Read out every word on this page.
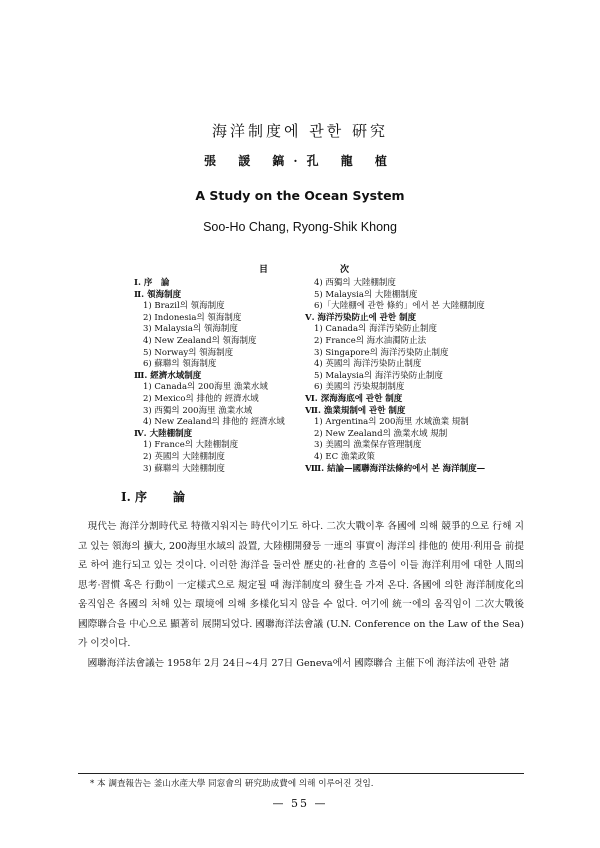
海洋制度에 관한 硏究
張 諼 鎬·孔 龍 植
A Study on the Ocean System
Soo-Ho Chang, Ryong-Shik Khong
目	次
Ⅰ. 序　論
Ⅱ. 領海制度
1) Brazil의 領海制度
2) Indonesia의 領海制度
3) Malaysia의 領海制度
4) New Zealand의 領海制度
5) Norway의 領海制度
6) 蘇聯의 領海制度
Ⅲ. 經濟水域制度
1) Canada의 200海里 漁業水域
2) Mexico의 排他的 經濟水域
3) 西獨의 200海里 漁業水域
4) New Zealand의 排他的 經濟水域
Ⅳ. 大陸棚制度
1) France의 大陸棚制度
2) 英國의 大陸棚制度
3) 蘇聯의 大陸棚制度
4) 西獨의 大陸棚制度
5) Malaysia의 大陸棚制度
6)「大陸棚에 관한 條約」에서 본 大陸棚制度
Ⅴ. 海洋汚染防止에 관한 制度
1) Canada의 海洋汚染防止制度
2) France의 海水油濁防止法
3) Singapore의 海洋汚染防止制度
4) 英國의 海洋汚染防止制度
5) Malaysia의 海洋汚染防止制度
6) 美國의 汚染規制制度
Ⅵ. 深海海底에 관한 制度
Ⅶ. 漁業規制에 관한 制度
1) Argentina의 200海里 水域漁業 規制
2) New Zealand의 漁業水域 規制
3) 美國의 漁業保存管理制度
4) EC 漁業政策
Ⅷ. 結論—國聯海洋法條約에서 본 海洋制度—
Ⅰ. 序 論

現代는 海洋分割時代로 特徵지워지는 時代이기도 하다. 二次大戰이후 各國에 의해 競爭的으로 行해 지고 있는 領海의 擴大, 200海里水域의 設置, 大陸棚開發등 一連의 事實이 海洋의 排他的 使用·利用을 前提로 하여 進行되고 있는 것이다. 이러한 海洋을 둘러싼 歷史的·社會的 흐름이 이들 海洋利用에 대한 人間의 思考·習慣 혹은 行動이 一定樣式으로 規定될 때 海洋制度의 發生을 가져 온다. 各國에 의한 海洋制度化의 움직임은 各國의 처해 있는 環境에 의해 多樣化되지 않을 수 없다. 여기에 統一에의 움직임이 二次大戰後 國際聯合을 中心으로 顯著히 展開되었다. 國聯海洋法會議 (U.N. Conference on the Law of the Sea)가 이것이다.

國聯海洋法會議는 1958年 2月 24日∼4月 27日 Geneva에서 國際聯合 主催下에 海洋法에 관한 諸

* 本 調査報告는 釜山水產大學 同窓會의 硏究助成費에 의해 이루어진 것임.
— 55 —
